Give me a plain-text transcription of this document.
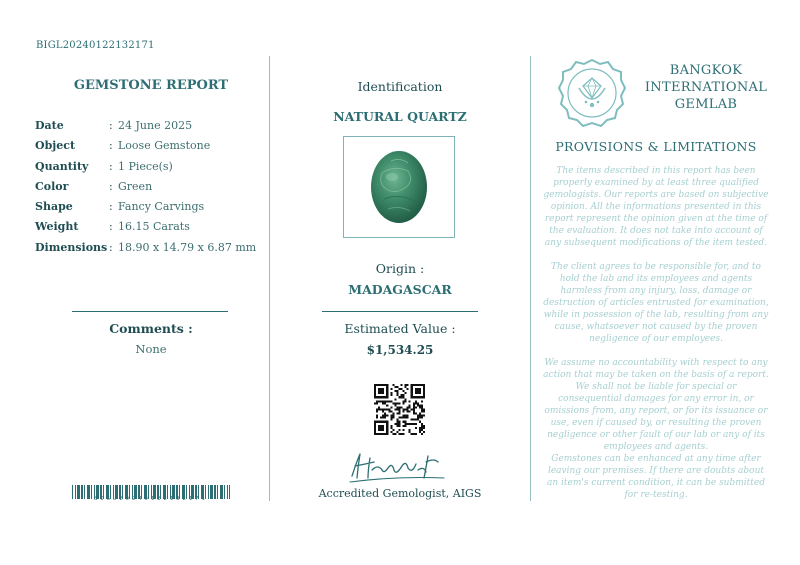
BIGL20240122132171
GEMSTONE REPORT
Date	: 24 June 2025
Object	: Loose Gemstone
Quantity : 1 Piece(s)
Color	: Green
Shape	: Fancy Carvings
Weight	: 16.15 Carats
Dimensions : 18.90 x 14.79 x 6.87 mm
Comments :
None
BIGL20240122132171
Identification
NATURAL QUARTZ
Origin :
MADAGASCAR
Estimated Value :
$1,534.25
Accredited Gemologist, AIGS
BANGKOK
INTERNATIONAL
GEMLAB
PROVISIONS & LIMITATIONS
The items described in this report has been properly examined by at least three qualified gemologists. Our reports are based on subjective opinion. All the informations presented in this report represent the opinion given at the time of the evaluation. It does not take into account of any subsequent modifications of the item tested.
The client agrees to be responsible for, and to hold the lab and its employees and agents harmless from any injury, loss, damage or destruction of articles entrusted for examination, while in possession of the lab, resulting from any cause, whatsoever not caused by the proven negligence of our employees.
We assume no accountability with respect to any action that may be taken on the basis of a report. We shall not be liable for special or consequential damages for any error in, or omissions from, any report, or for its issuance or use, even if caused by, or resulting the proven negligence or other fault of our lab or any of its employees and agents.
Gemstones can be enhanced at any time after leaving our premises. If there are doubts about an item's current condition, it can be submitted for re-testing.
